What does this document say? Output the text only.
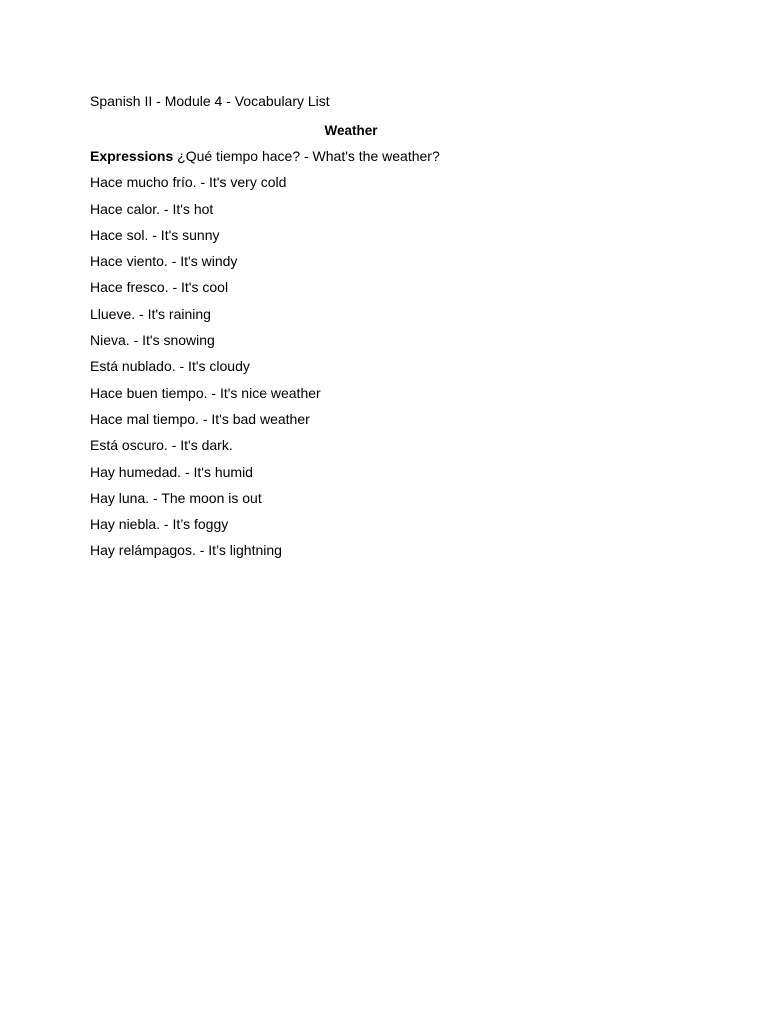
Spanish II - Module 4 - Vocabulary List

Weather
Expressions ¿Qué tiempo hace? - What's the weather?
Hace mucho frío. - It's very cold
Hace calor. - It's hot
Hace sol. - It's sunny
Hace viento. - It's windy
Hace fresco. - It's cool
Llueve. - It's raining
Nieva. - It's snowing
Está nublado. - It's cloudy
Hace buen tiempo. - It's nice weather
Hace mal tiempo. - It's bad weather
Está oscuro. - It's dark.
Hay humedad. - It's humid
Hay luna. - The moon is out
Hay niebla. - It’s foggy
Hay relámpagos. - It’s lightning
